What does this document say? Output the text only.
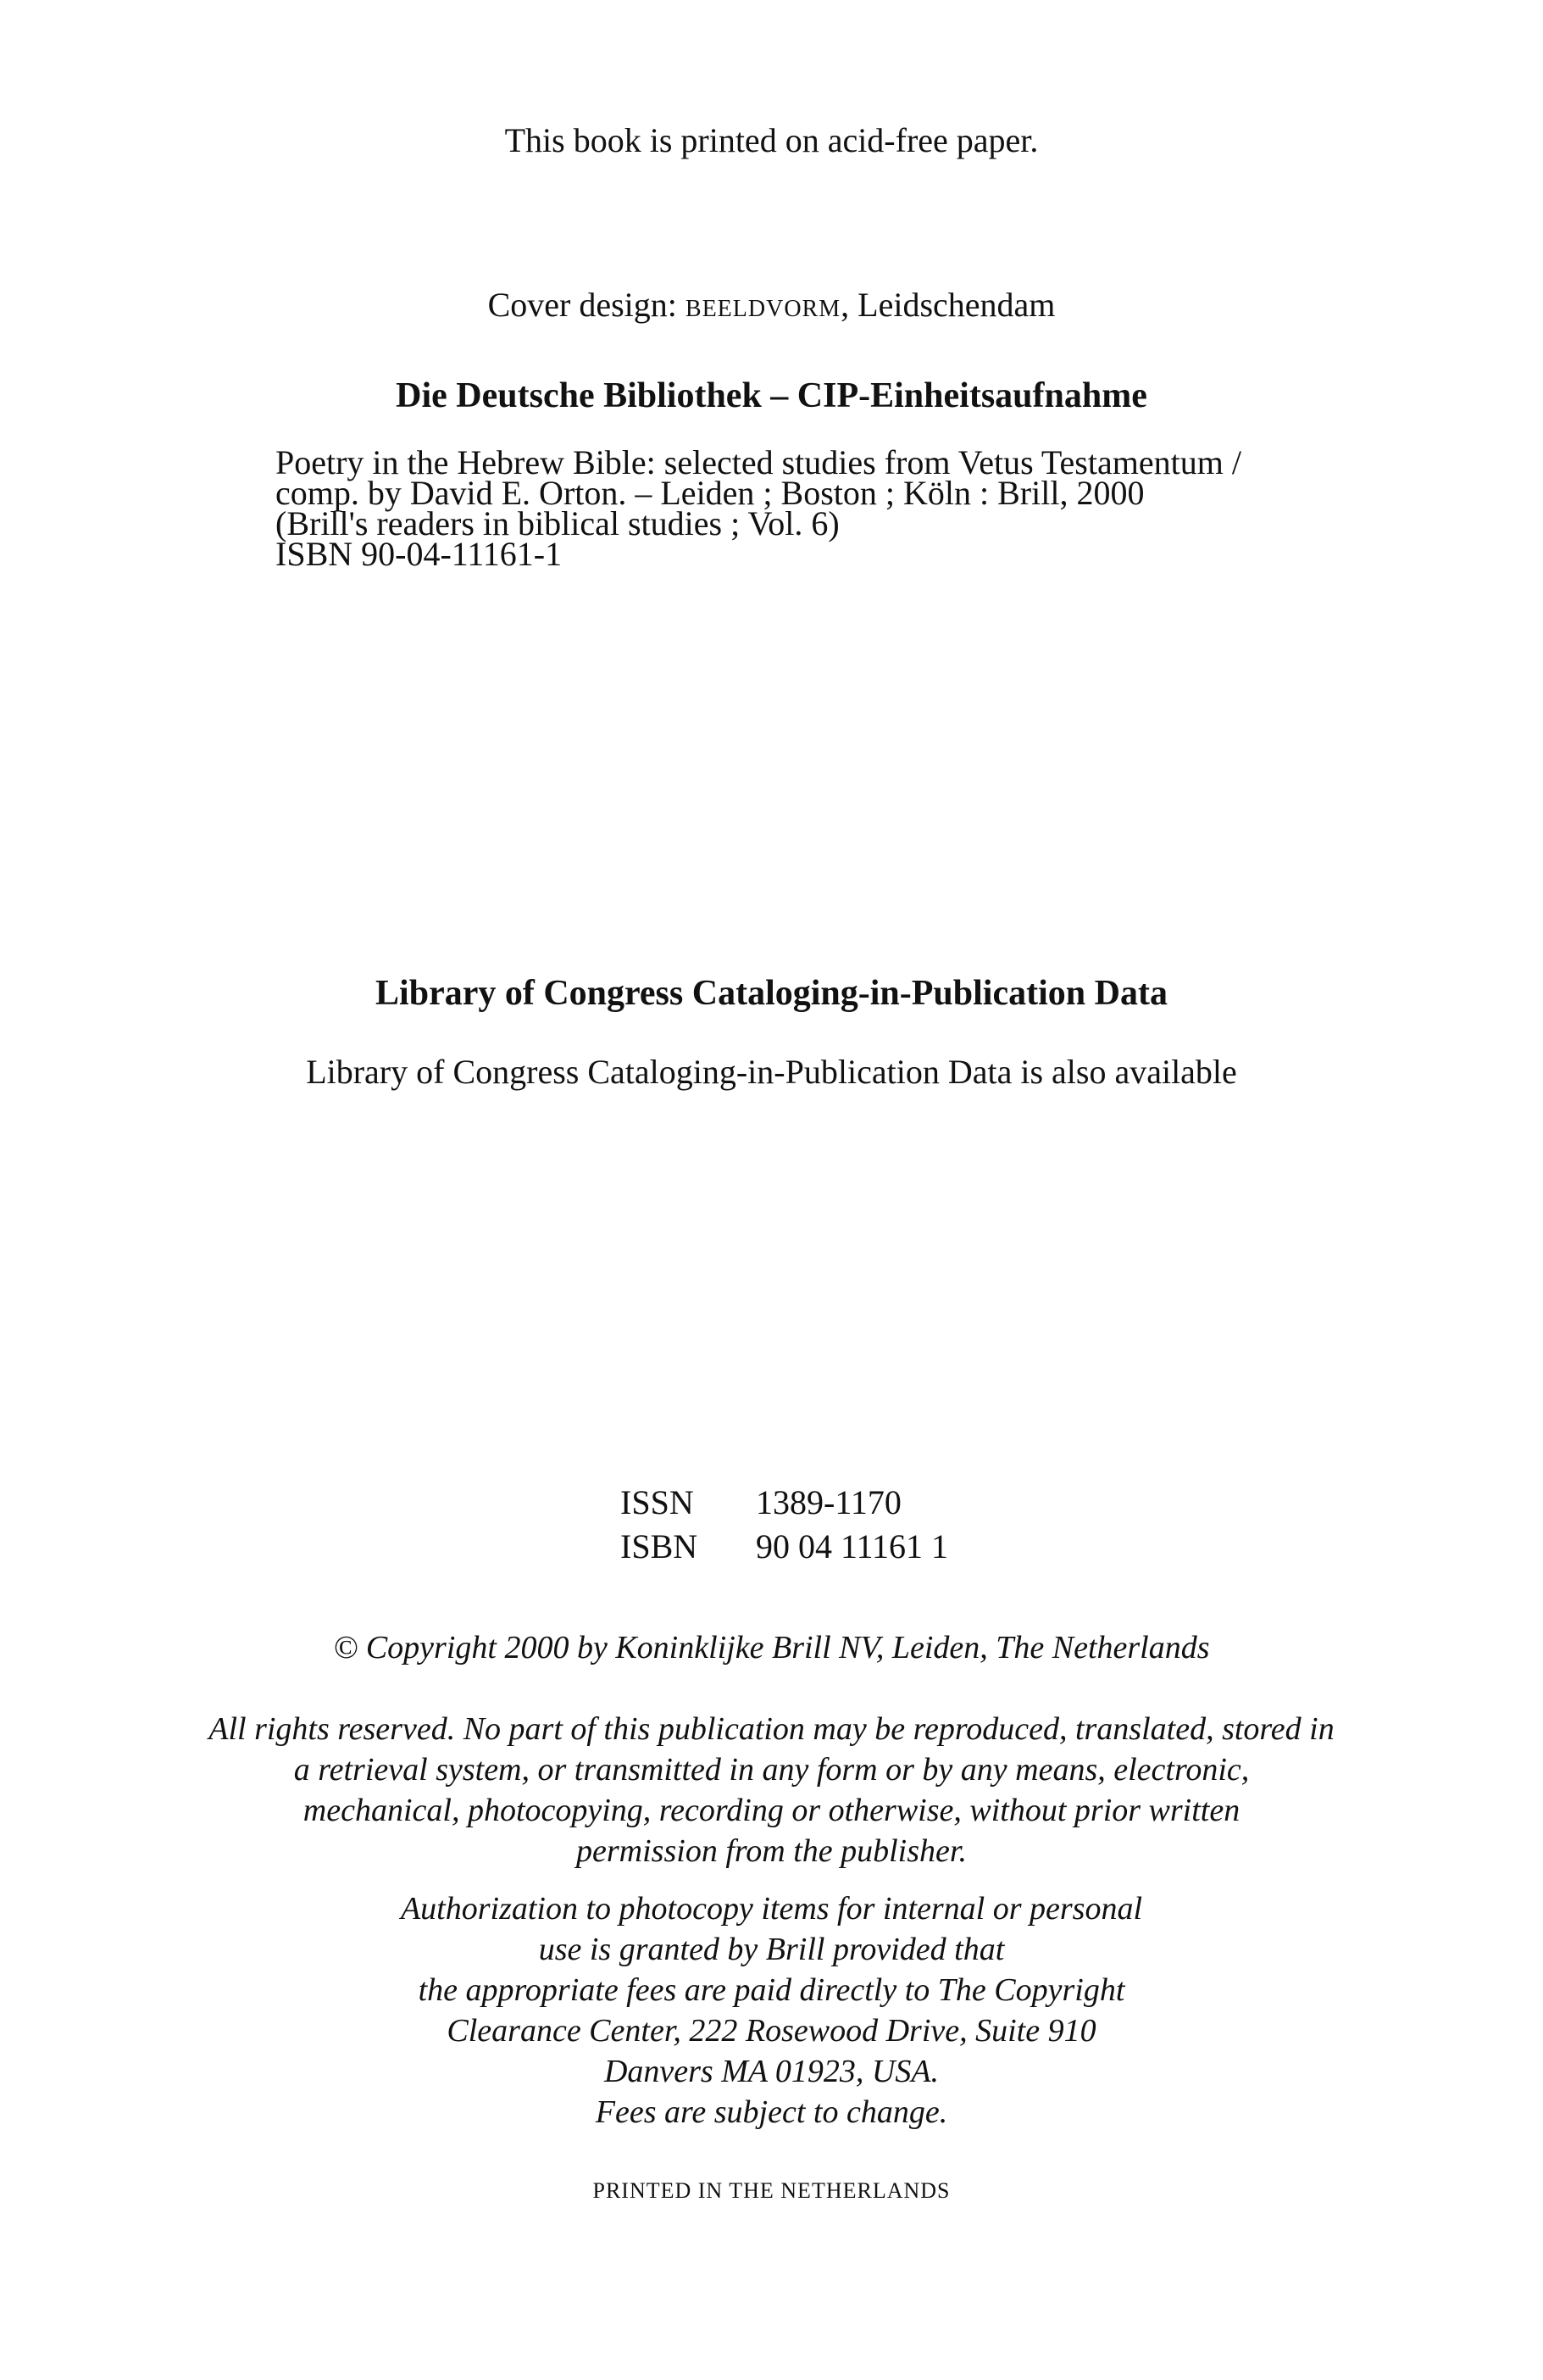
This book is printed on acid-free paper.

Cover design: beeldvorm, Leidschendam

Die Deutsche Bibliothek – CIP-Einheitsaufnahme

Poetry in the Hebrew Bible: selected studies from Vetus Testamentum /
comp. by David E. Orton. – Leiden ; Boston ; Köln : Brill, 2000
(Brill's readers in biblical studies ; Vol. 6)
ISBN 90-04-11161-1

Library of Congress Cataloging-in-Publication Data

Library of Congress Cataloging-in-Publication Data is also available

ISSN	1389-1170
ISBN	90 04 11161 1

© Copyright 2000 by Koninklijke Brill NV, Leiden, The Netherlands

All rights reserved. No part of this publication may be reproduced, translated, stored in
a retrieval system, or transmitted in any form or by any means, electronic,
mechanical, photocopying, recording or otherwise, without prior written
permission from the publisher.
Authorization to photocopy items for internal or personal
use is granted by Brill provided that
the appropriate fees are paid directly to The Copyright
Clearance Center, 222 Rosewood Drive, Suite 910
Danvers MA 01923, USA.
Fees are subject to change.

PRINTED IN THE NETHERLANDS
